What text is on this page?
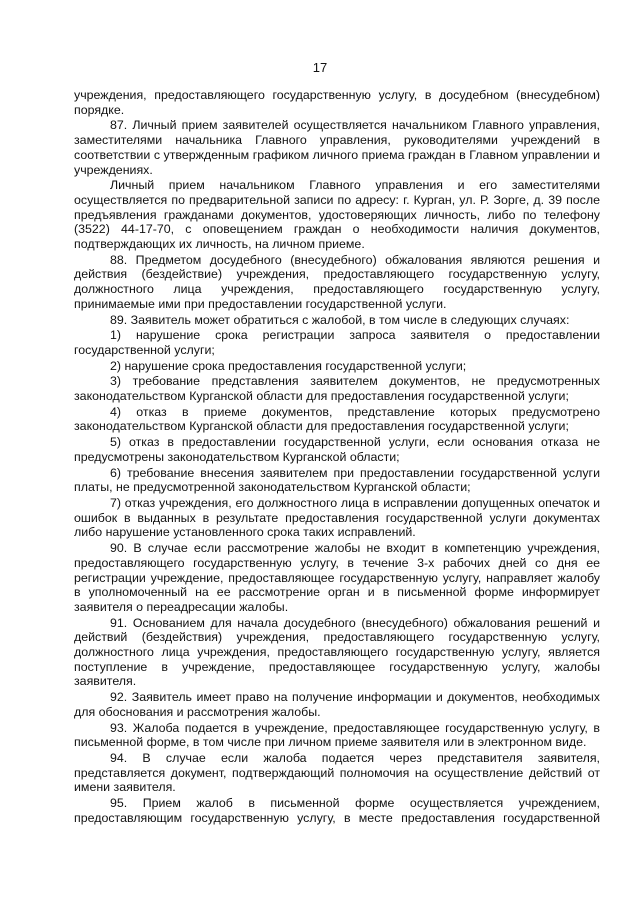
17

учреждения, предоставляющего государственную услугу, в досудебном (внесудебном) порядке.

87. Личный прием заявителей осуществляется начальником Главного управления, заместителями начальника Главного управления, руководителями учреждений в соответствии с утвержденным графиком личного приема граждан в Главном управлении и учреждениях.

Личный прием начальником Главного управления и его заместителями осуществляется по предварительной записи по адресу: г. Курган, ул. Р. Зорге, д. 39 после предъявления гражданами документов, удостоверяющих личность, либо по телефону (3522) 44-17-70, с оповещением граждан о необходимости наличия документов, подтверждающих их личность, на личном приеме.

88. Предметом досудебного (внесудебного) обжалования являются решения и действия (бездействие) учреждения, предоставляющего государственную услугу, должностного лица учреждения, предоставляющего государственную услугу, принимаемые ими при предоставлении государственной услуги.

89. Заявитель может обратиться с жалобой, в том числе в следующих случаях:

1) нарушение срока регистрации запроса заявителя о предоставлении государственной услуги;

2) нарушение срока предоставления государственной услуги;

3) требование представления заявителем документов, не предусмотренных законодательством Курганской области для предоставления государственной услуги;

4) отказ в приеме документов, представление которых предусмотрено законодательством Курганской области для предоставления государственной услуги;

5) отказ в предоставлении государственной услуги, если основания отказа не предусмотрены законодательством Курганской области;

6) требование внесения заявителем при предоставлении государственной услуги платы, не предусмотренной законодательством Курганской области;

7) отказ учреждения, его должностного лица в исправлении допущенных опечаток и ошибок в выданных в результате предоставления государственной услуги документах либо нарушение установленного срока таких исправлений.

90. В случае если рассмотрение жалобы не входит в компетенцию учреждения, предоставляющего государственную услугу, в течение 3-х рабочих дней со дня ее регистрации учреждение, предоставляющее государственную услугу, направляет жалобу в уполномоченный на ее рассмотрение орган и в письменной форме информирует заявителя о переадресации жалобы.

91. Основанием для начала досудебного (внесудебного) обжалования решений и действий (бездействия) учреждения, предоставляющего государственную услугу, должностного лица учреждения, предоставляющего государственную услугу, является поступление в учреждение, предоставляющее государственную услугу, жалобы заявителя.

92. Заявитель имеет право на получение информации и документов, необходимых для обоснования и рассмотрения жалобы.

93. Жалоба подается в учреждение, предоставляющее государственную услугу, в письменной форме, в том числе при личном приеме заявителя или в электронном виде.

94. В случае если жалоба подается через представителя заявителя, представляется документ, подтверждающий полномочия на осуществление действий от имени заявителя.

95. Прием жалоб в письменной форме осуществляется учреждением, предоставляющим государственную услугу, в месте предоставления государственной
